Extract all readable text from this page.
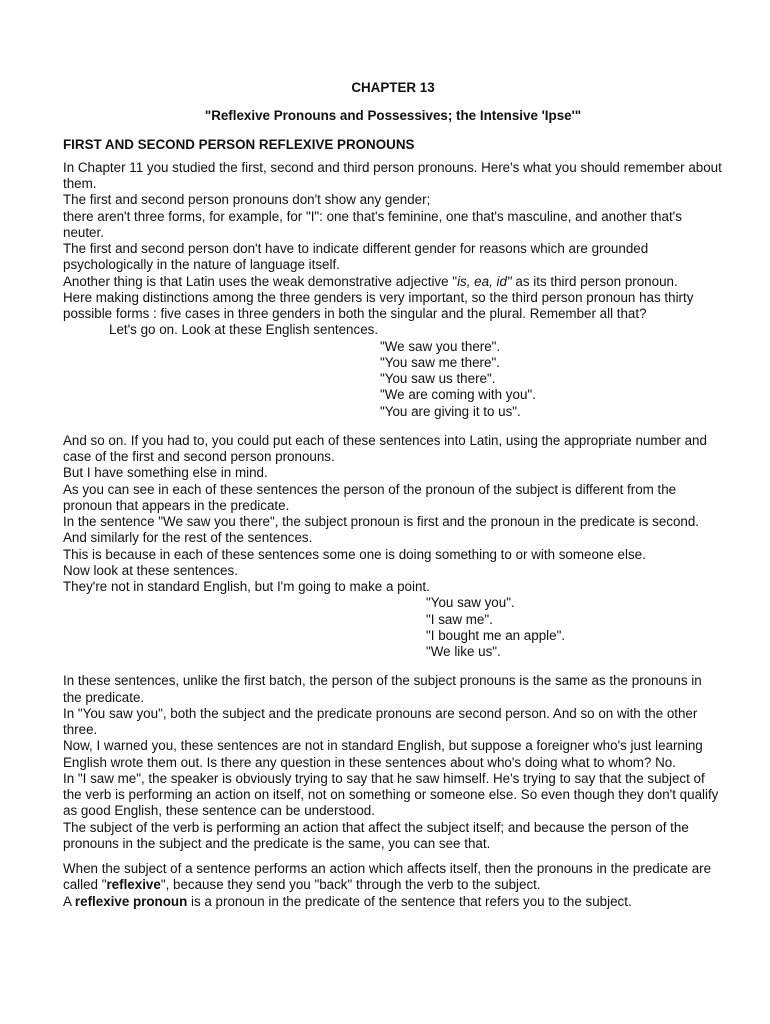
CHAPTER 13
"Reflexive Pronouns and Possessives; the Intensive 'Ipse'"
FIRST AND SECOND PERSON REFLEXIVE PRONOUNS

In Chapter 11 you studied the first, second and third person pronouns. Here's what you should remember about them.

The first and second person pronouns don't show any gender;

there aren't three forms, for example, for "I": one that's feminine, one that's masculine, and another that's neuter.

The first and second person don't have to indicate different gender for reasons which are grounded psychologically in the nature of language itself.

Another thing is that Latin uses the weak demonstrative adjective "is, ea, id" as its third person pronoun.

Here making distinctions among the three genders is very important, so the third person pronoun has thirty possible forms : five cases in three genders in both the singular and the plural. Remember all that?

Let's go on. Look at these English sentences.

"We saw you there".
"You saw me there".
"You saw us there".
"We are coming with you".
"You are giving it to us".

And so on. If you had to, you could put each of these sentences into Latin, using the appropriate number and case of the first and second person pronouns.

But I have something else in mind.

As you can see in each of these sentences the person of the pronoun of the subject is different from the pronoun that appears in the predicate.

In the sentence "We saw you there", the subject pronoun is first and the pronoun in the predicate is second. And similarly for the rest of the sentences.

This is because in each of these sentences some one is doing something to or with someone else.

Now look at these sentences.

They're not in standard English, but I'm going to make a point.

"You saw you".
"I saw me".
"I bought me an apple".
"We like us".

In these sentences, unlike the first batch, the person of the subject pronouns is the same as the pronouns in the predicate.

In "You saw you", both the subject and the predicate pronouns are second person. And so on with the other three.

Now, I warned you, these sentences are not in standard English, but suppose a foreigner who's just learning English wrote them out. Is there any question in these sentences about who's doing what to whom? No.

In "I saw me", the speaker is obviously trying to say that he saw himself. He's trying to say that the subject of the verb is performing an action on itself, not on something or someone else. So even though they don't qualify as good English, these sentence can be understood.

The subject of the verb is performing an action that affect the subject itself; and because the person of the pronouns in the subject and the predicate is the same, you can see that.

When the subject of a sentence performs an action which affects itself, then the pronouns in the predicate are called "reflexive", because they send you "back" through the verb to the subject.

A reflexive pronoun is a pronoun in the predicate of the sentence that refers you to the subject.
